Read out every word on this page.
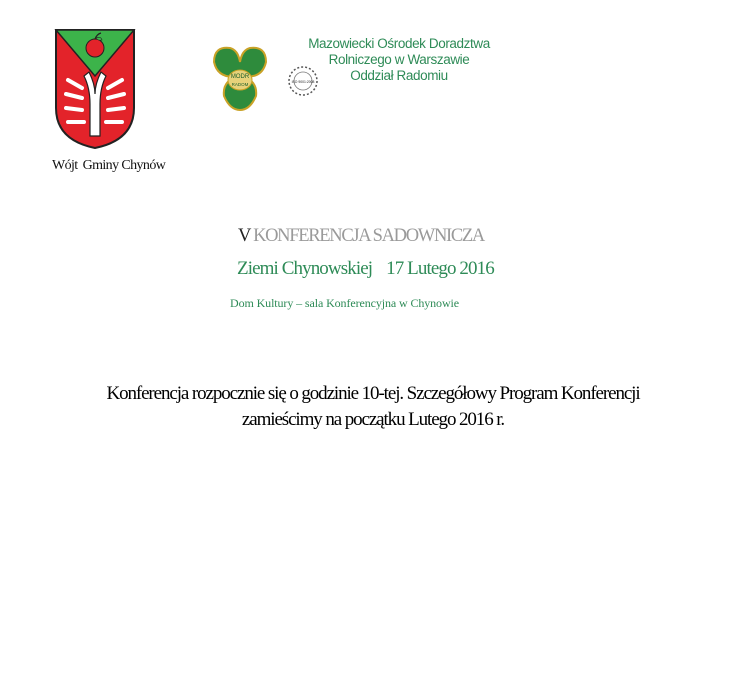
Wójt Gminy Chynów
MODR
RADOM	ISO 9001:2008
Mazowiecki Ośrodek Doradztwa
Rolniczego w Warszawie
Oddział Radomiu
V KONFERENCJA SADOWNICZA
Ziemi Chynowskiej 17 Lutego 2016
Dom Kultury – sala Konferencyjna w Chynowie
Konferencja rozpocznie się o godzinie 10-tej. Szczegółowy Program Konferencji
zamieścimy na początku Lutego 2016 r.
